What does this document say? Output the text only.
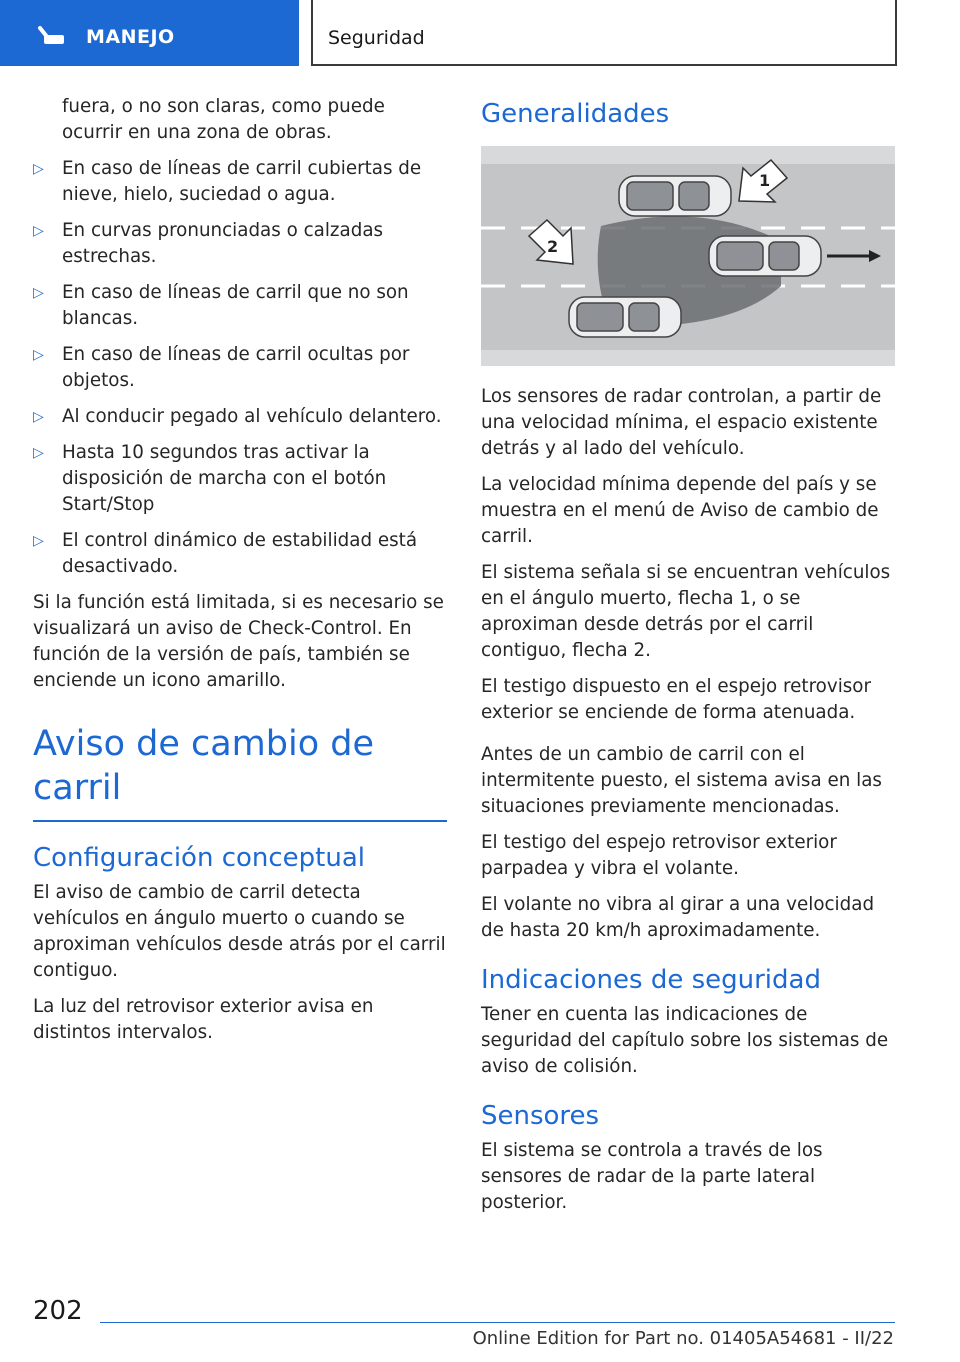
MANEJO	Seguridad

fuera, o no son claras, como puede ocurrir en una zona de obras.

▷ En caso de líneas de carril cubiertas de nieve, hielo, suciedad o agua.
▷ En curvas pronunciadas o calzadas estrechas.
▷ En caso de líneas de carril que no son blancas.
▷ En caso de líneas de carril ocultas por objetos.
▷ Al conducir pegado al vehículo delantero.
▷ Hasta 10 segundos tras activar la disposición de marcha con el botón Start/Stop
▷ El control dinámico de estabilidad está desactivado.

Si la función está limitada, si es necesario se visualizará un aviso de Check-Control. En función de la versión de país, también se enciende un icono amarillo.

Aviso de cambio de carril
Configuración conceptual

El aviso de cambio de carril detecta vehículos en ángulo muerto o cuando se aproximan vehículos desde atrás por el carril contiguo.

La luz del retrovisor exterior avisa en distintos intervalos.

Generalidades
1
2

Los sensores de radar controlan, a partir de una velocidad mínima, el espacio existente detrás y al lado del vehículo.

La velocidad mínima depende del país y se muestra en el menú de Aviso de cambio de carril.

El sistema señala si se encuentran vehículos en el ángulo muerto, flecha 1, o se aproximan desde detrás por el carril contiguo, flecha 2.

El testigo dispuesto en el espejo retrovisor exterior se enciende de forma atenuada.

Antes de un cambio de carril con el intermitente puesto, el sistema avisa en las situaciones previamente mencionadas.

El testigo del espejo retrovisor exterior parpadea y vibra el volante.

El volante no vibra al girar a una velocidad de hasta 20 km/h aproximadamente.

Indicaciones de seguridad

Tener en cuenta las indicaciones de seguridad del capítulo sobre los sistemas de aviso de colisión.

Sensores

El sistema se controla a través de los sensores de radar de la parte lateral posterior.

202
Online Edition for Part no. 01405A54681 - II/22
